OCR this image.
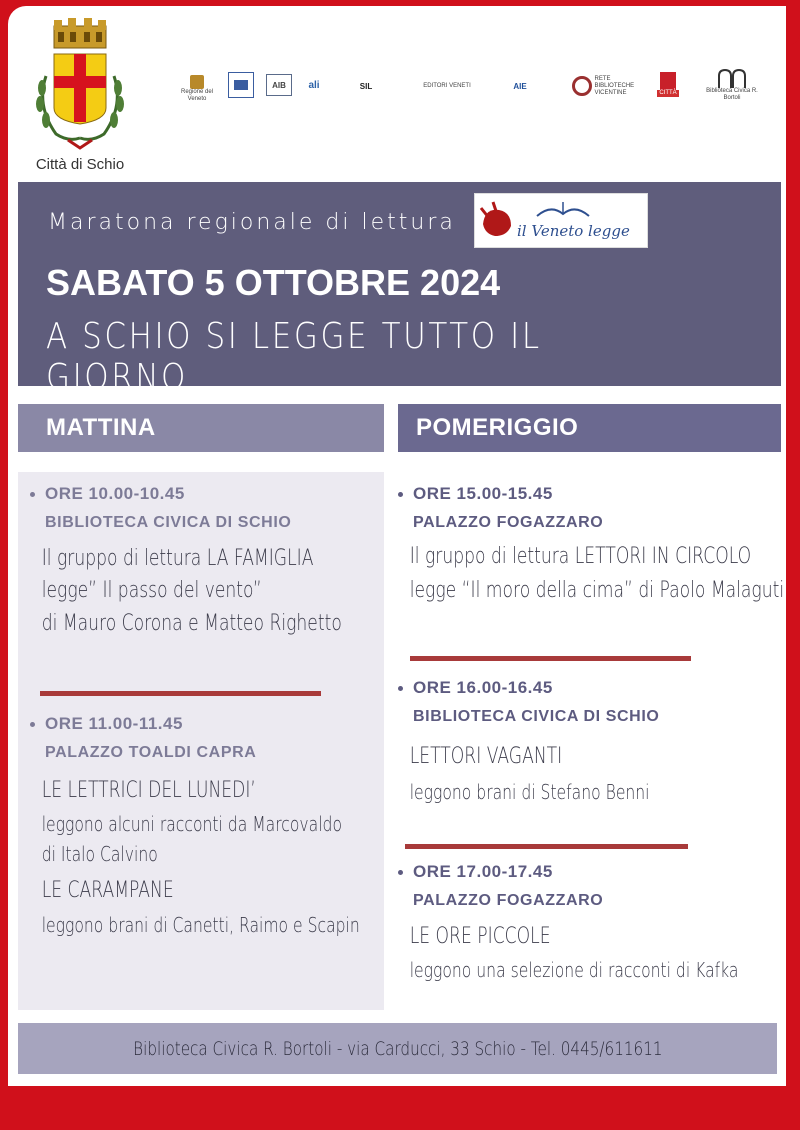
Città di Schio
Regione del Veneto
AIB ali	SIL	EDITORI VENETI	AIE
RETE BIBLIOTECHE VICENTINE	CITTÀ	Biblioteca Civica R. Bortoli
Maratona regionale di lettura	il Veneto legge
SABATO 5 OTTOBRE 2024
A SCHIO SI LEGGE TUTTO IL GIORNO
MATTINA	POMERIGGIO
ORE 10.00-10.45
BIBLIOTECA CIVICA DI SCHIO
Il gruppo di lettura LA FAMIGLIA
legge” Il passo del vento”
di Mauro Corona e Matteo Righetto
ORE 11.00-11.45
PALAZZO TOALDI CAPRA
LE LETTRICI DEL LUNEDI’
leggono alcuni racconti da Marcovaldo
di Italo Calvino
LE CARAMPANE
leggono brani di Canetti, Raimo e Scapin
ORE 15.00-15.45
PALAZZO FOGAZZARO
Il gruppo di lettura LETTORI IN CIRCOLO
legge “Il moro della cima” di Paolo Malaguti
ORE 16.00-16.45
BIBLIOTECA CIVICA DI SCHIO
LETTORI VAGANTI
leggono brani di Stefano Benni
ORE 17.00-17.45
PALAZZO FOGAZZARO
LE ORE PICCOLE
leggono una selezione di racconti di Kafka
Biblioteca Civica R. Bortoli - via Carducci, 33 Schio - Tel. 0445/611611
